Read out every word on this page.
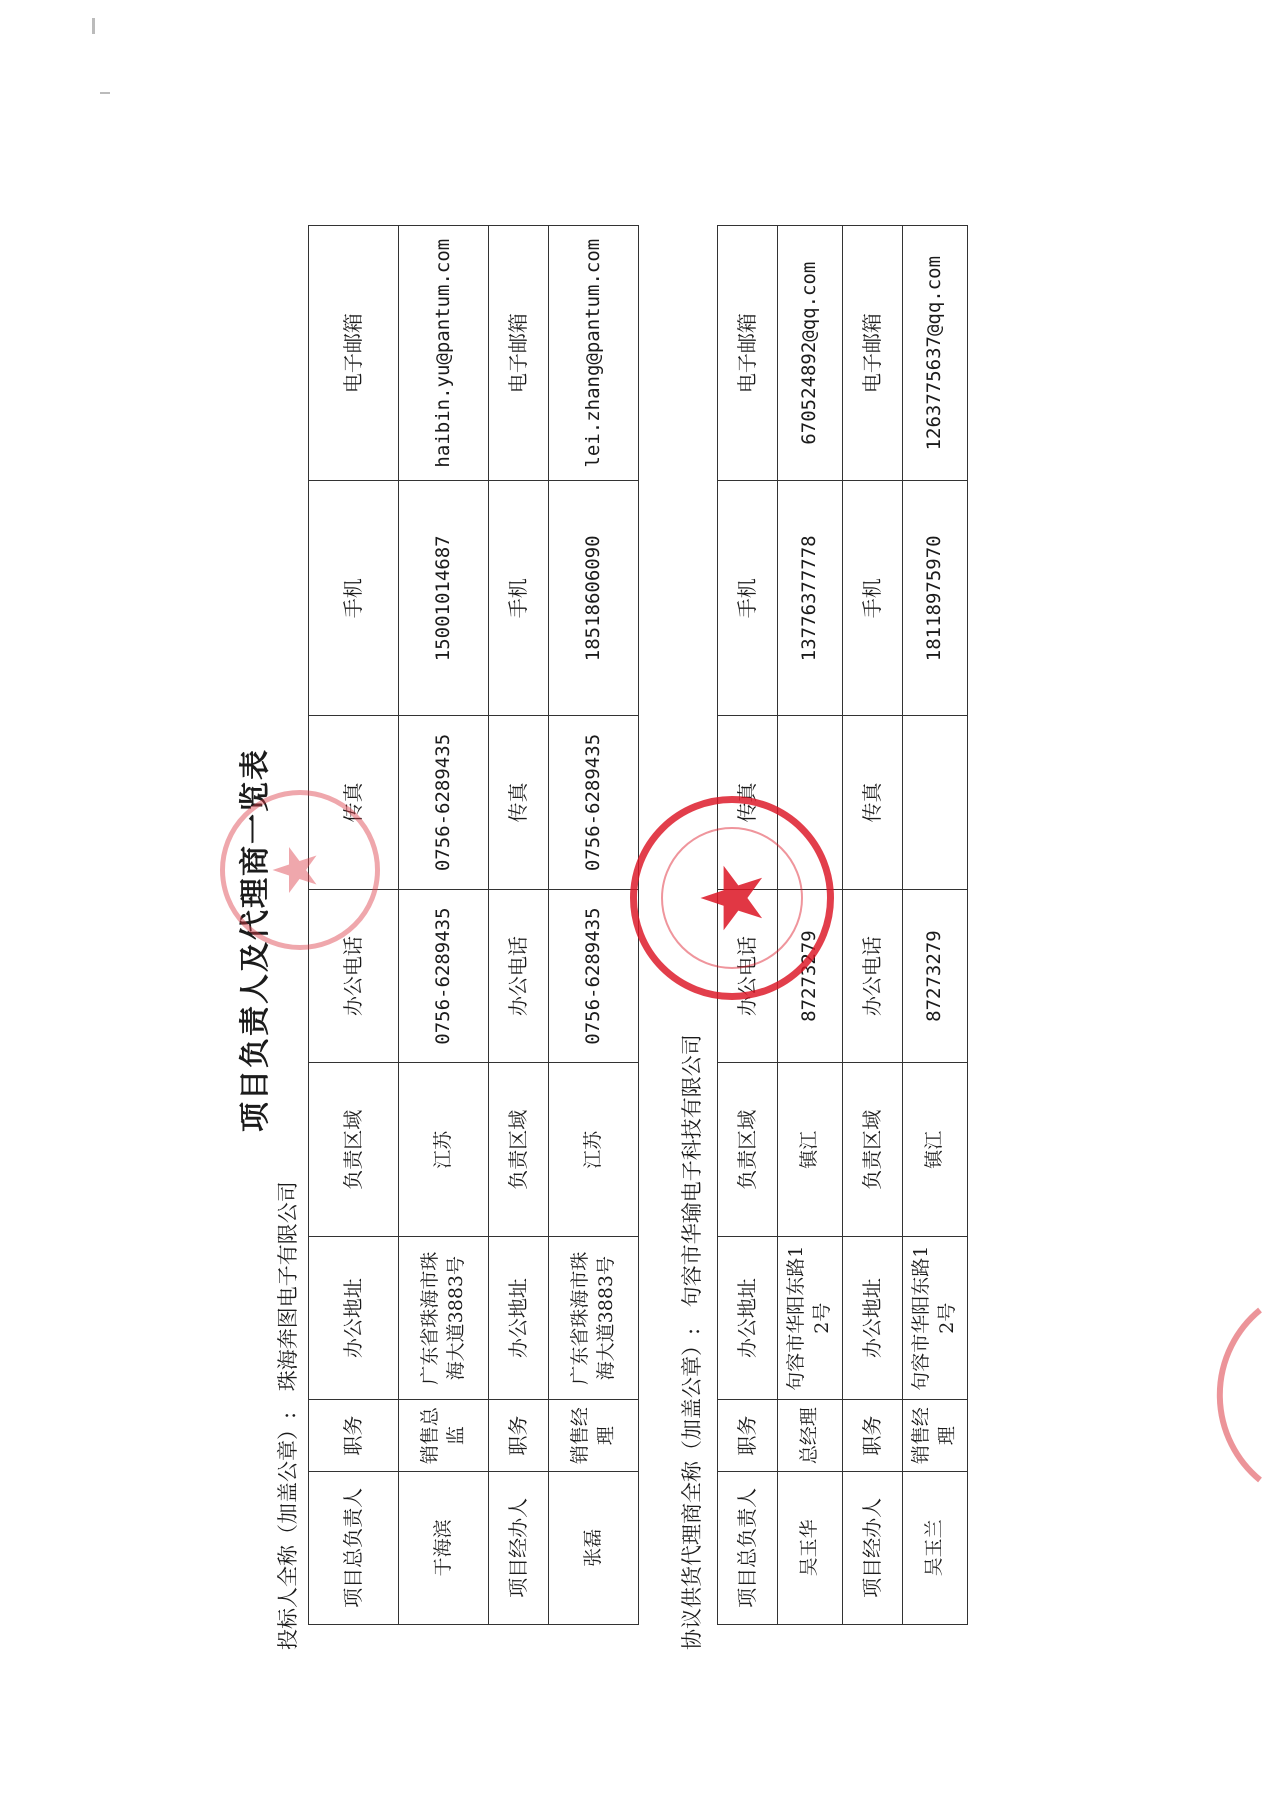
项目负责人及代理商一览表
投标人全称（加盖公章）: 珠海奔图电子有限公司
项目总负责人	职务	办公地址	负责区域	办公电话	传真	手机	电子邮箱
于海滨	销售总监	广东省珠海市珠海大道3883号	江苏	0756-6289435	0756-6289435	15001014687	haibin.yu@pantum.com
项目经办人	职务	办公地址	负责区域	办公电话	传真	手机	电子邮箱
张磊	销售经理	广东省珠海市珠海大道3883号	江苏	0756-6289435	0756-6289435	18518606090	lei.zhang@pantum.com
协议供货代理商全称（加盖公章）: 句容市华瑜电子科技有限公司
项目总负责人	职务	办公地址	负责区域	办公电话	传真	手机	电子邮箱
吴玉华	总经理	句容市华阳东路12号	镇江	87273279		13776377778	670524892@qq.com
项目经办人	职务	办公地址	负责区域	办公电话	传真	手机	电子邮箱
吴玉兰	销售经理	句容市华阳东路12号	镇江	87273279		18118975970	1263775637@qq.com
